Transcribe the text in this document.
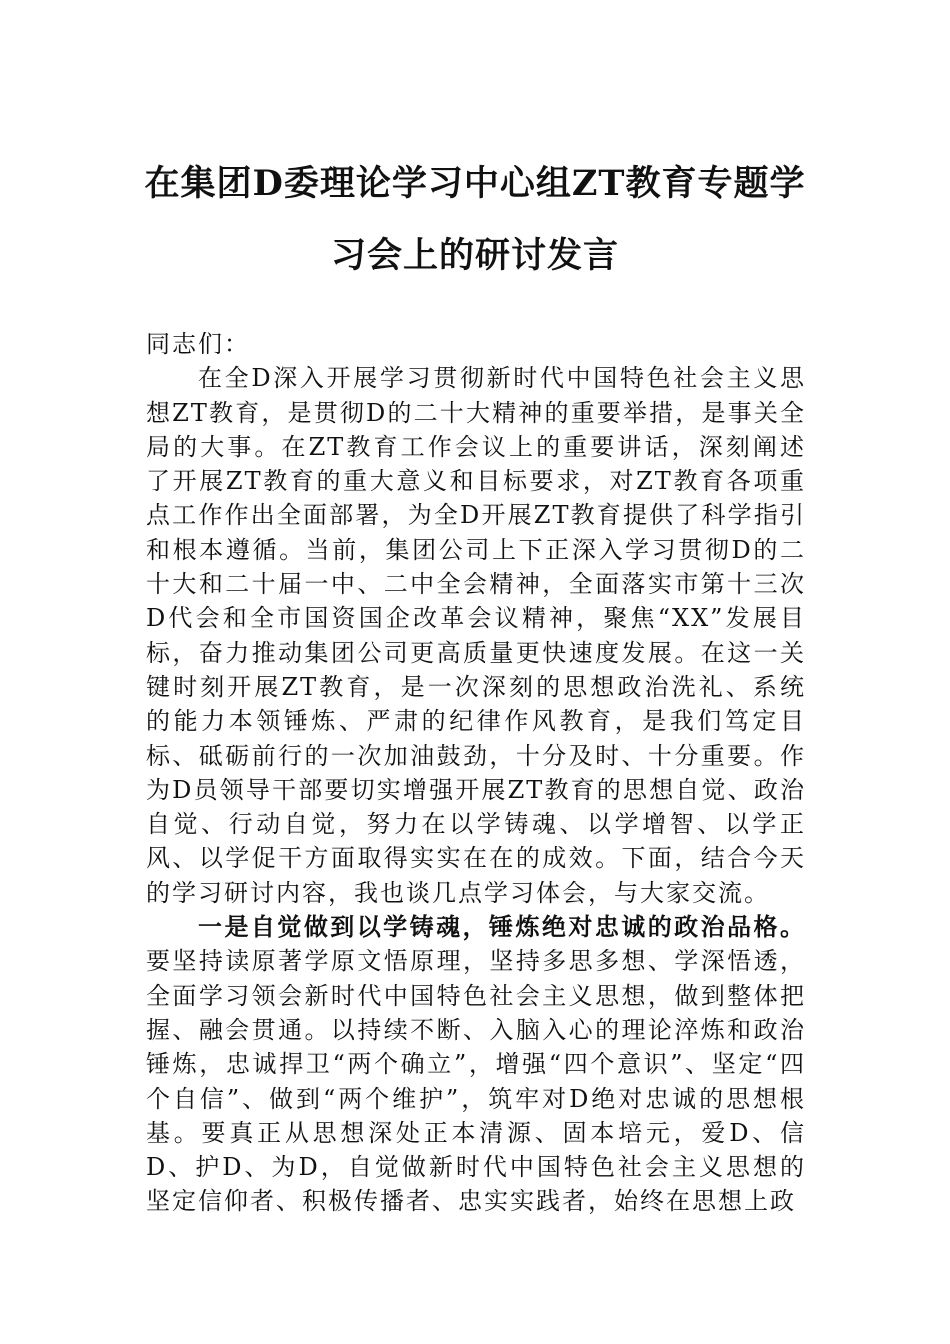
在集团D委理论学习中心组ZT教育专题学习会上的研讨发言

同志们：

在全D深入开展学习贯彻新时代中国特色社会主义思想ZT教育，是贯彻D的二十大精神的重要举措，是事关全局的大事。在ZT教育工作会议上的重要讲话，深刻阐述了开展ZT教育的重大意义和目标要求，对ZT教育各项重点工作作出全面部署，为全D开展ZT教育提供了科学指引和根本遵循。当前，集团公司上下正深入学习贯彻D的二十大和二十届一中、二中全会精神，全面落实市第十三次D代会和全市国资国企改革会议精神，聚焦“XX”发展目标，奋力推动集团公司更高质量更快速度发展。在这一关键时刻开展ZT教育，是一次深刻的思想政治洗礼、系统的能力本领锤炼、严肃的纪律作风教育，是我们笃定目标、砥砺前行的一次加油鼓劲，十分及时、十分重要。作为D员领导干部要切实增强开展ZT教育的思想自觉、政治自觉、行动自觉，努力在以学铸魂、以学增智、以学正风、以学促干方面取得实实在在的成效。下面，结合今天的学习研讨内容，我也谈几点学习体会，与大家交流。

一是自觉做到以学铸魂，锤炼绝对忠诚的政治品格。要坚持读原著学原文悟原理，坚持多思多想、学深悟透，全面学习领会新时代中国特色社会主义思想，做到整体把握、融会贯通。以持续不断、入脑入心的理论淬炼和政治锤炼，忠诚捍卫“两个确立”，增强“四个意识”、坚定“四个自信”、做到“两个维护”，筑牢对D绝对忠诚的思想根基。要真正从思想深处正本清源、固本培元，爱D、信D、护D、为D，自觉做新时代中国特色社会主义思想的坚定信仰者、积极传播者、忠实实践者，始终在思想上政
